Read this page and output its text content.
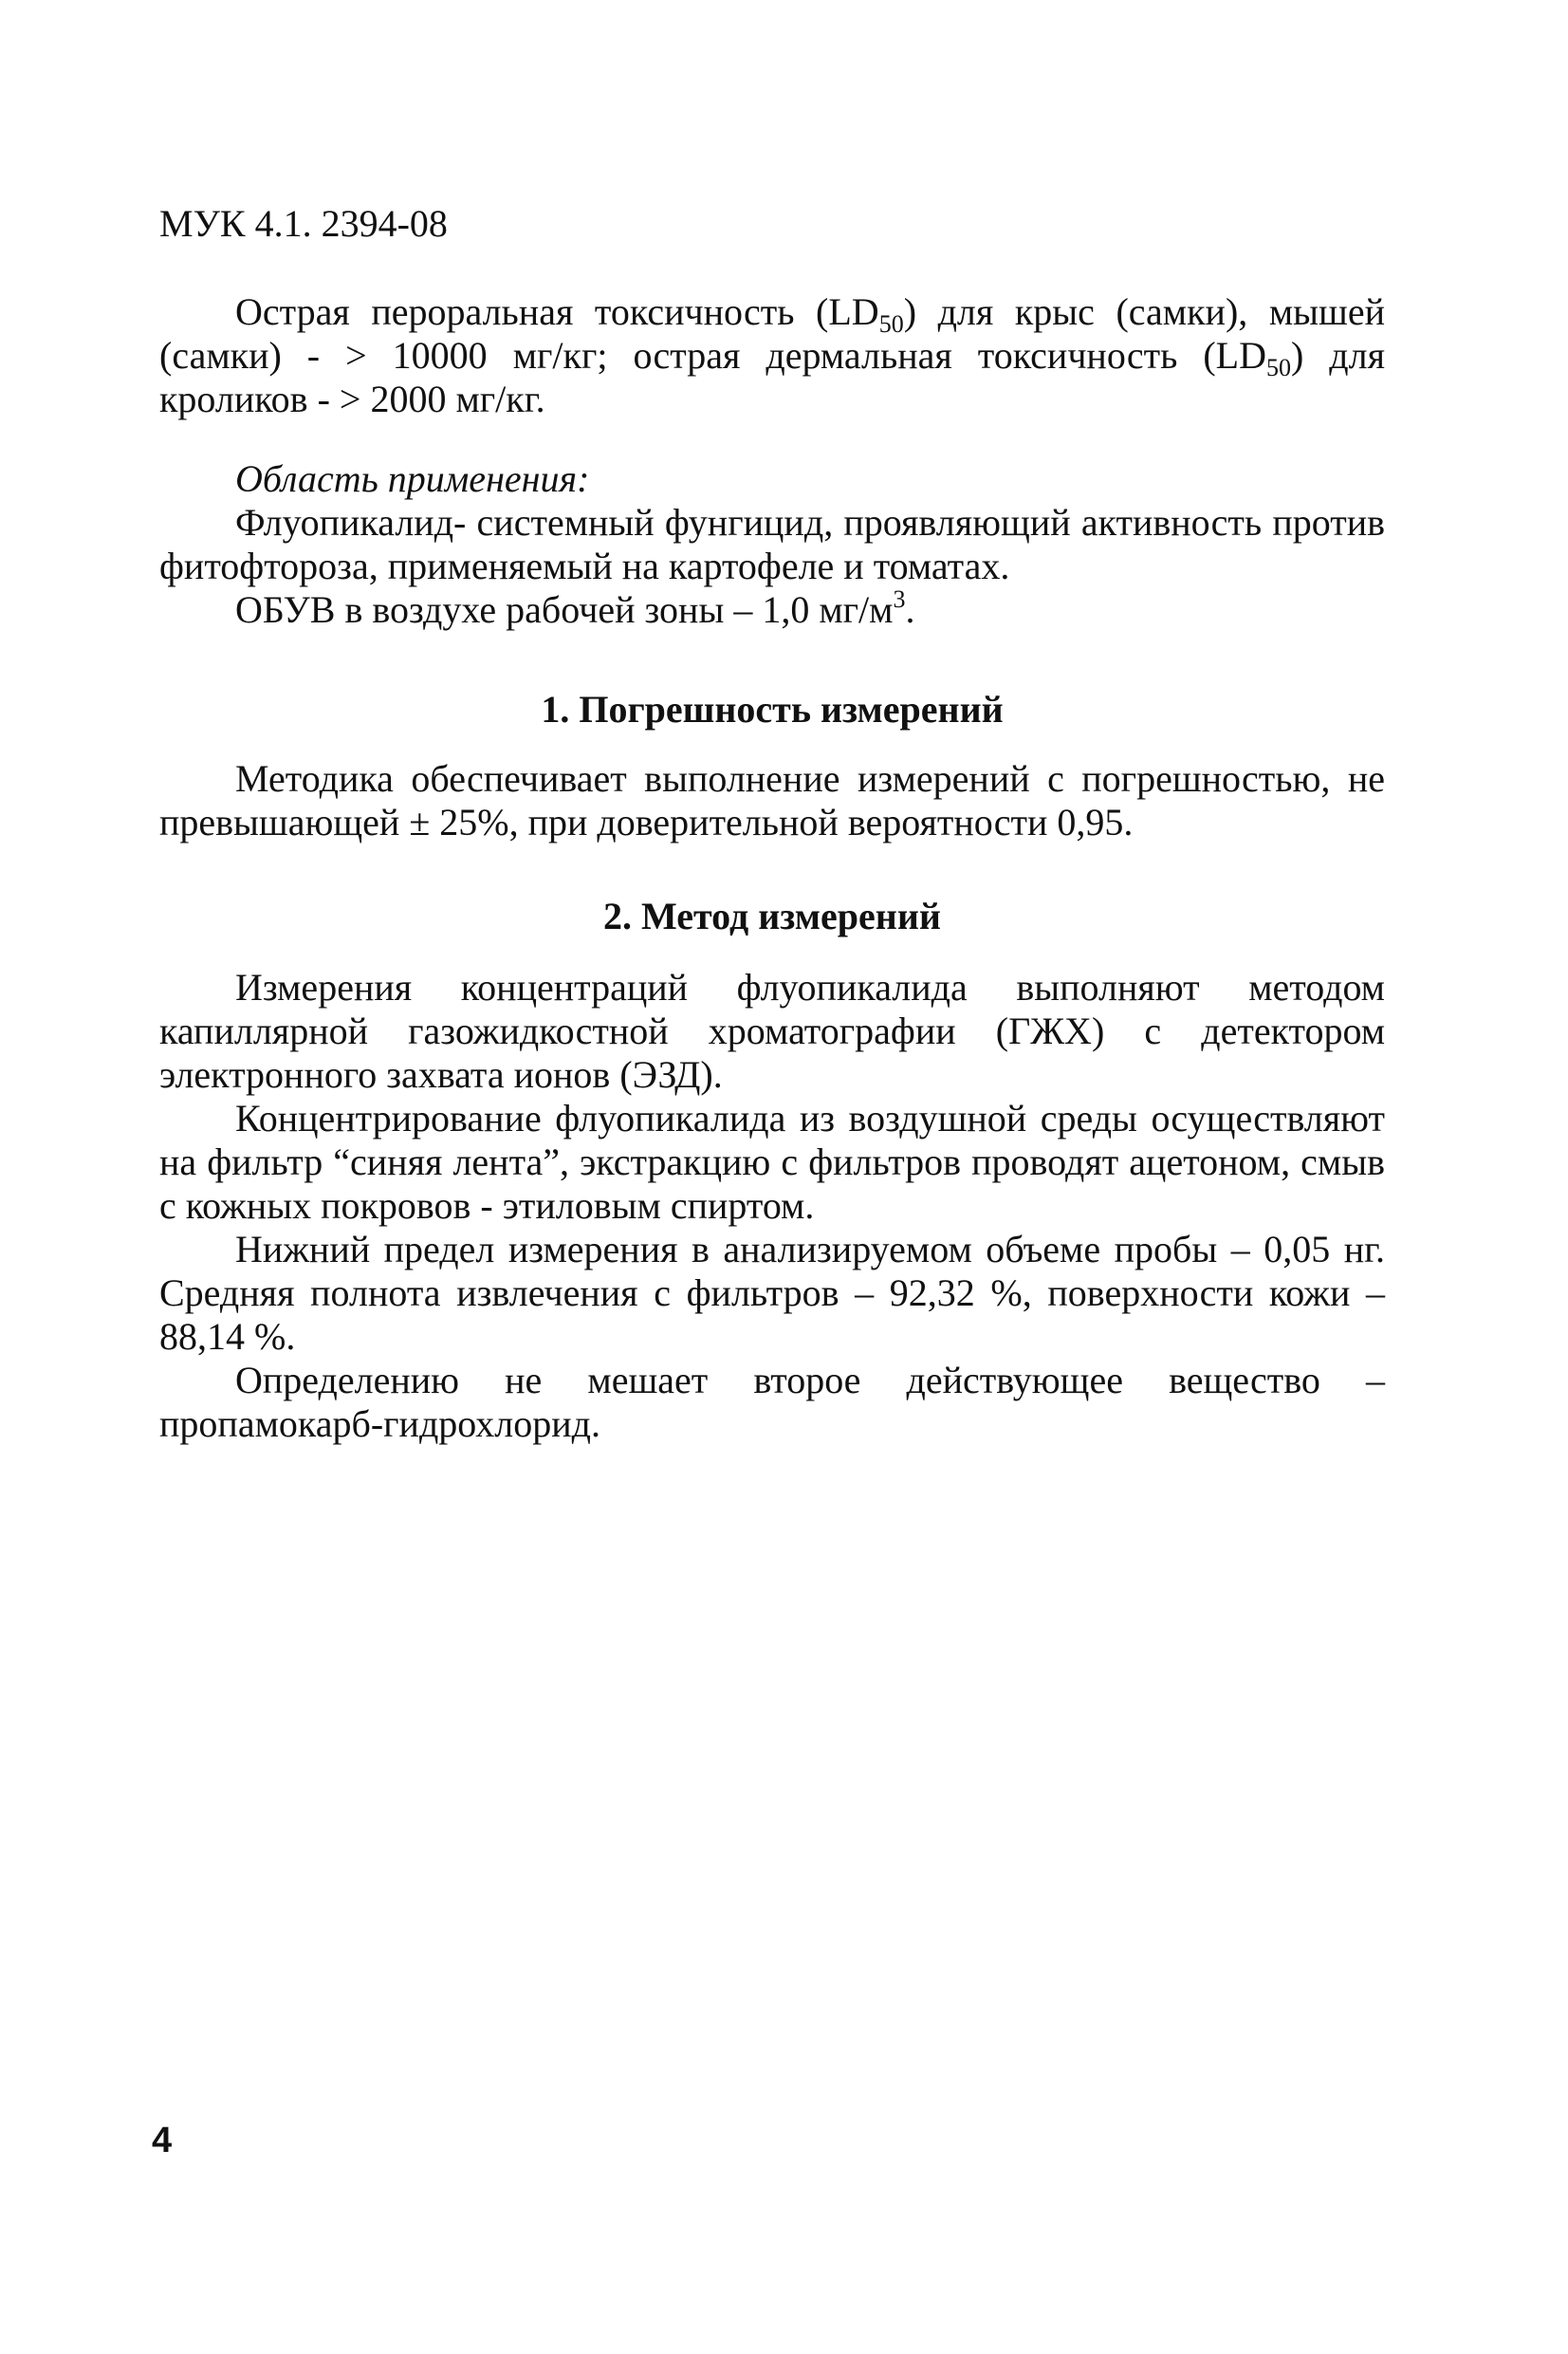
МУК 4.1. 2394-08

Острая пероральная токсичность $(LD_{50})$ для крыс (самки), мышей (самки) - > 10000 мг/кг; острая дермальная токсичность $(LD_{50})$ для кроликов - > 2000 мг/кг.

Область применения:

Флуопикалид- системный фунгицид, проявляющий активность против фитофтороза, применяемый на картофеле и томатах.

ОБУВ в воздухе рабочей зоны – 1,0 $мг/м^3$.

1. Погрешность измерений

Методика обеспечивает выполнение измерений с погрешностью, не превышающей ± 25%, при доверительной вероятности 0,95.

2. Метод измерений

Измерения концентраций флуопикалида выполняют методом капиллярной газожидкостной хроматографии (ГЖХ) с детектором электронного захвата ионов (ЭЗД).

Концентрирование флуопикалида из воздушной среды осуществляют на фильтр “синяя лента”, экстракцию с фильтров проводят ацетоном, смыв с кожных покровов - этиловым спиртом.

Нижний предел измерения в анализируемом объеме пробы – 0,05 нг. Средняя полнота извлечения с фильтров – 92,32 %, поверхности кожи – 88,14 %.

Определению не мешает второе действующее вещество – пропамокарб-гидрохлорид.

4
